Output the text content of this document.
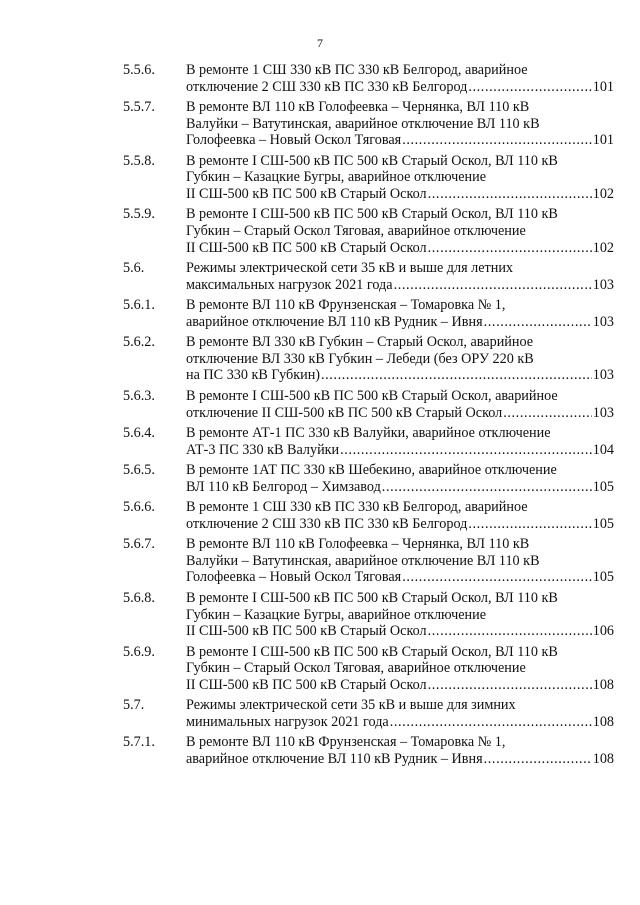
7
5.5.6.	В ремонте 1 СШ 330 кВ ПС 330 кВ Белгород, аварийное
отключение 2 СШ 330 кВ ПС 330 кВ Белгород .....	101
5.5.7.	В ремонте ВЛ 110 кВ Голофеевка – Чернянка, ВЛ 110 кВ
Валуйки – Ватутинская, аварийное отключение ВЛ 110 кВ
Голофеевка – Новый Оскол Тяговая .....	101
5.5.8.	В ремонте I СШ-500 кВ ПС 500 кВ Старый Оскол, ВЛ 110 кВ
Губкин – Казацкие Бугры, аварийное отключение
II СШ-500 кВ ПС 500 кВ Старый Оскол .....	102
5.5.9.	В ремонте I СШ-500 кВ ПС 500 кВ Старый Оскол, ВЛ 110 кВ
Губкин – Старый Оскол Тяговая, аварийное отключение
II СШ-500 кВ ПС 500 кВ Старый Оскол .....	102
5.6.	Режимы электрической сети 35 кВ и выше для летних
максимальных нагрузок 2021 года .....	103
5.6.1.	В ремонте ВЛ 110 кВ Фрунзенская – Томаровка № 1,
аварийное отключение ВЛ 110 кВ Рудник – Ивня .....	103
5.6.2.	В ремонте ВЛ 330 кВ Губкин – Старый Оскол, аварийное
отключение ВЛ 330 кВ Губкин – Лебеди (без ОРУ 220 кВ
на ПС 330 кВ Губкин) .....	103
5.6.3.	В ремонте I СШ-500 кВ ПС 500 кВ Старый Оскол, аварийное
отключение II СШ-500 кВ ПС 500 кВ Старый Оскол .....	103
5.6.4.	В ремонте АТ-1 ПС 330 кВ Валуйки, аварийное отключение
АТ-3 ПС 330 кВ Валуйки .....	104
5.6.5.	В ремонте 1АТ ПС 330 кВ Шебекино, аварийное отключение
ВЛ 110 кВ Белгород – Химзавод .....	105
5.6.6.	В ремонте 1 СШ 330 кВ ПС 330 кВ Белгород, аварийное
отключение 2 СШ 330 кВ ПС 330 кВ Белгород .....	105
5.6.7.	В ремонте ВЛ 110 кВ Голофеевка – Чернянка, ВЛ 110 кВ
Валуйки – Ватутинская, аварийное отключение ВЛ 110 кВ
Голофеевка – Новый Оскол Тяговая .....	105
5.6.8.	В ремонте I СШ-500 кВ ПС 500 кВ Старый Оскол, ВЛ 110 кВ
Губкин – Казацкие Бугры, аварийное отключение
II СШ-500 кВ ПС 500 кВ Старый Оскол .....	106
5.6.9.	В ремонте I СШ-500 кВ ПС 500 кВ Старый Оскол, ВЛ 110 кВ
Губкин – Старый Оскол Тяговая, аварийное отключение
II СШ-500 кВ ПС 500 кВ Старый Оскол .....	108
5.7.	Режимы электрической сети 35 кВ и выше для зимних
минимальных нагрузок 2021 года .....	108
5.7.1.	В ремонте ВЛ 110 кВ Фрунзенская – Томаровка № 1,
аварийное отключение ВЛ 110 кВ Рудник – Ивня .....	108
